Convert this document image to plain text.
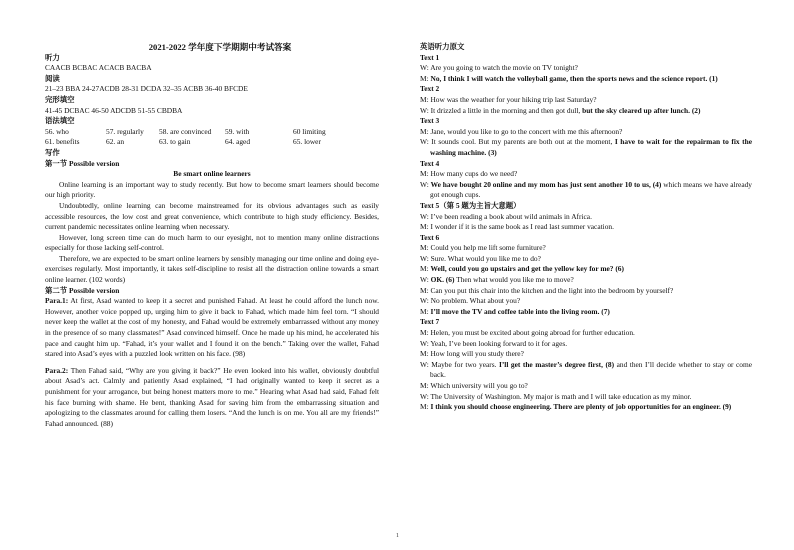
2021-2022 学年度下学期期中考试答案
听力
CAACB BCBAC ACACB BACBA
阅读
21–23 BBA 24-27ACDB 28-31 DCDA 32–35 ACBB 36-40 BFCDE
完形填空
41-45 DCBAC 46-50 ADCDB 51-55 CBDBA
语法填空
56. who	57. regularly	58. are convinced	59. with	60 limiting
61. benefits	62. an	63. to gain	64. aged	65. lower
写作
第一节 Possible version
Be smart online learners

Online learning is an important way to study recently. But how to become smart learners should become our high priority.

Undoubtedly, online learning can become mainstreamed for its obvious advantages such as easily accessible resources, the low cost and great convenience, which contribute to high study efficiency. Besides, current pandemic necessitates online learning when necessary.

However, long screen time can do much harm to our eyesight, not to mention many online distractions especially for those lacking self-control.

Therefore, we are expected to be smart online learners by sensibly managing our time online and doing eye-exercises regularly. Most importantly, it takes self-discipline to resist all the distraction online towards a smart online learner. (102 words)

第二节 Possible version

Para.1: At first, Asad wanted to keep it a secret and punished Fahad. At least he could afford the lunch now. However, another voice popped up, urging him to give it back to Fahad, which made him feel torn. “I should never keep the wallet at the cost of my honesty, and Fahad would be extremely embarrassed without any money in the presence of so many classmates!” Asad convinced himself. Once he made up his mind, he accelerated his pace and caught him up. “Fahad, it’s your wallet and I found it on the bench.” Taking over the wallet, Fahad stared into Asad’s eyes with a puzzled look written on his face. (98)

Para.2: Then Fahad said, “Why are you giving it back?” He even looked into his wallet, obviously doubtful about Asad’s act. Calmly and patiently Asad explained, “I had originally wanted to keep it secret as a punishment for your arrogance, but being honest matters more to me.” Hearing what Asad had said, Fahad felt his face burning with shame. He bent, thanking Asad for saving him from the embarrassing situation and apologizing to the classmates around for calling them losers. “And the lunch is on me. You all are my friends!” Fahad announced. (88)

英语听力原文
Text 1
W: Are you going to watch the movie on TV tonight?
M: No, I think I will watch the volleyball game, then the sports news and the science report. (1)
Text 2
M: How was the weather for your hiking trip last Saturday?
W: It drizzled a little in the morning and then got dull, but the sky cleared up after lunch. (2)
Text 3
M: Jane, would you like to go to the concert with me this afternoon?
W: It sounds cool. But my parents are both out at the moment, I have to wait for the repairman to fix the washing machine. (3)
Text 4
M: How many cups do we need?
W: We have bought 20 online and my mom has just sent another 10 to us, (4) which means we have already got enough cups.
Text 5（第 5 题为主旨大意题）
W: I’ve been reading a book about wild animals in Africa.
M: I wonder if it is the same book as I read last summer vacation.
Text 6
M: Could you help me lift some furniture?
W: Sure. What would you like me to do?
M: Well, could you go upstairs and get the yellow key for me? (6)
W: OK. (6) Then what would you like me to move?
M: Can you put this chair into the kitchen and the light into the bedroom by yourself?
W: No problem. What about you?
M: I’ll move the TV and coffee table into the living room. (7)
Text 7
M: Helen, you must be excited about going abroad for further education.
W: Yeah, I’ve been looking forward to it for ages.
M: How long will you study there?
W: Maybe for two years. I’ll get the master’s degree first, (8) and then I’ll decide whether to stay or come back.
M: Which university will you go to?
W: The University of Washington. My major is math and I will take education as my minor.
M: I think you should choose engineering. There are plenty of job opportunities for an engineer. (9)
1
